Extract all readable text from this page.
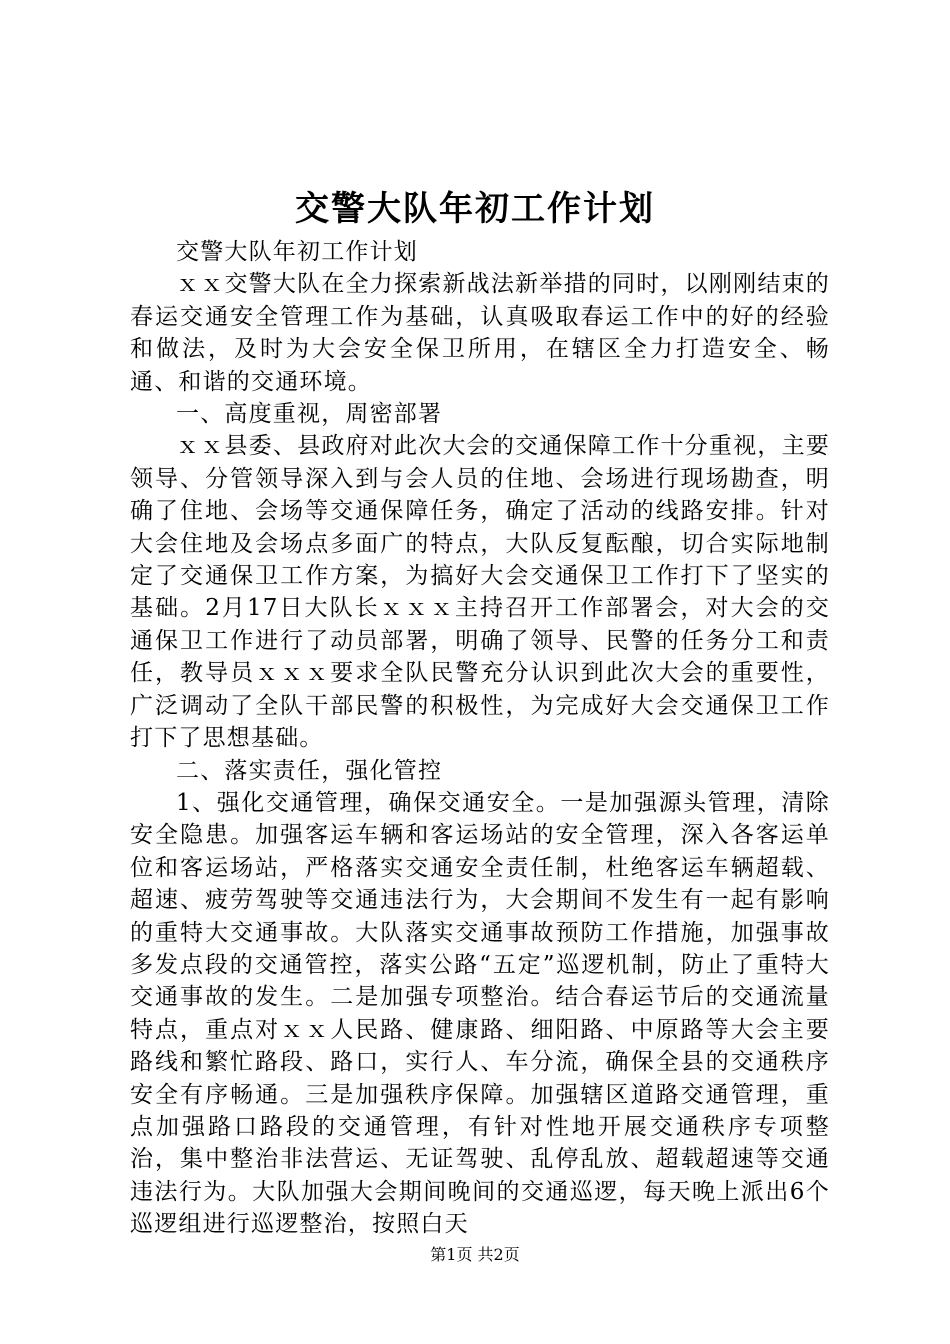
交警大队年初工作计划

交警大队年初工作计划

ｘｘ交警大队在全力探索新战法新举措的同时，以刚刚结束的春运交通安全管理工作为基础，认真吸取春运工作中的好的经验和做法，及时为大会安全保卫所用，在辖区全力打造安全、畅通、和谐的交通环境。

一、高度重视，周密部署

ｘｘ县委、县政府对此次大会的交通保障工作十分重视，主要领导、分管领导深入到与会人员的住地、会场进行现场勘查，明确了住地、会场等交通保障任务，确定了活动的线路安排。针对大会住地及会场点多面广的特点，大队反复酝酿，切合实际地制定了交通保卫工作方案，为搞好大会交通保卫工作打下了坚实的基础。2月17日大队长ｘｘｘ主持召开工作部署会，对大会的交通保卫工作进行了动员部署，明确了领导、民警的任务分工和责任，教导员ｘｘｘ要求全队民警充分认识到此次大会的重要性，广泛调动了全队干部民警的积极性，为完成好大会交通保卫工作打下了思想基础。

二、落实责任，强化管控

1、强化交通管理，确保交通安全。一是加强源头管理，清除安全隐患。加强客运车辆和客运场站的安全管理，深入各客运单位和客运场站，严格落实交通安全责任制，杜绝客运车辆超载、超速、疲劳驾驶等交通违法行为，大会期间不发生有一起有影响的重特大交通事故。大队落实交通事故预防工作措施，加强事故多发点段的交通管控，落实公路“五定”巡逻机制，防止了重特大交通事故的发生。二是加强专项整治。结合春运节后的交通流量特点，重点对ｘｘ人民路、健康路、细阳路、中原路等大会主要路线和繁忙路段、路口，实行人、车分流，确保全县的交通秩序安全有序畅通。三是加强秩序保障。加强辖区道路交通管理，重点加强路口路段的交通管理，有针对性地开展交通秩序专项整治，集中整治非法营运、无证驾驶、乱停乱放、超载超速等交通违法行为。大队加强大会期间晚间的交通巡逻，每天晚上派出6个巡逻组进行巡逻整治，按照白天

第1页 共2页
